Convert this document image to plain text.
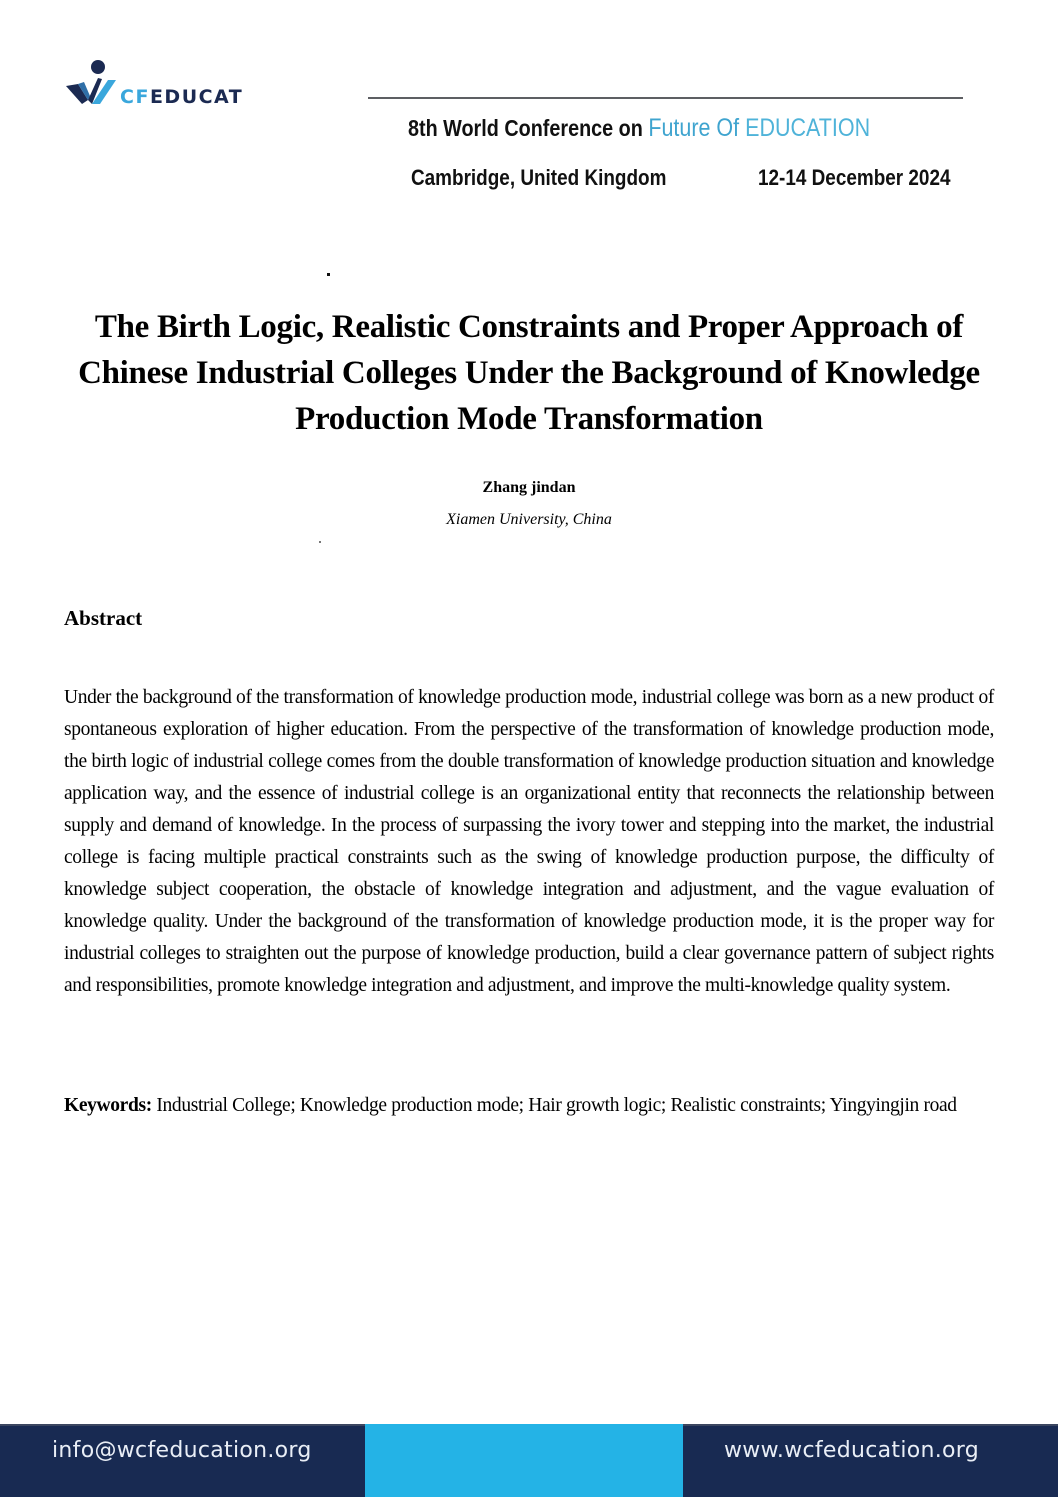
CFEDUCAT
8th World Conference on Future Of EDUCATION
Cambridge, United Kingdom	12-14 December 2024
The Birth Logic, Realistic Constraints and Proper Approach of Chinese Industrial Colleges Under the Background of Knowledge Production Mode Transformation
Zhang jindan
Xiamen University, China
Abstract

Under the background of the transformation of knowledge production mode, industrial college was born as a new product of spontaneous exploration of higher education. From the perspective of the transformation of knowledge production mode, the birth logic of industrial college comes from the double transformation of knowledge production situation and knowledge application way, and the essence of industrial college is an organizational entity that reconnects the relationship between supply and demand of knowledge. In the process of surpassing the ivory tower and stepping into the market, the industrial college is facing multiple practical constraints such as the swing of knowledge production purpose, the difficulty of knowledge subject cooperation, the obstacle of knowledge integration and adjustment, and the vague evaluation of knowledge quality. Under the background of the transformation of knowledge production mode, it is the proper way for industrial colleges to straighten out the purpose of knowledge production, build a clear governance pattern of subject rights and responsibilities, promote knowledge integration and adjustment, and improve the multi-knowledge quality system.

Keywords: Industrial College; Knowledge production mode; Hair growth logic; Realistic constraints; Yingyingjin road

info@wcfeducation.org	www.wcfeducation.org
